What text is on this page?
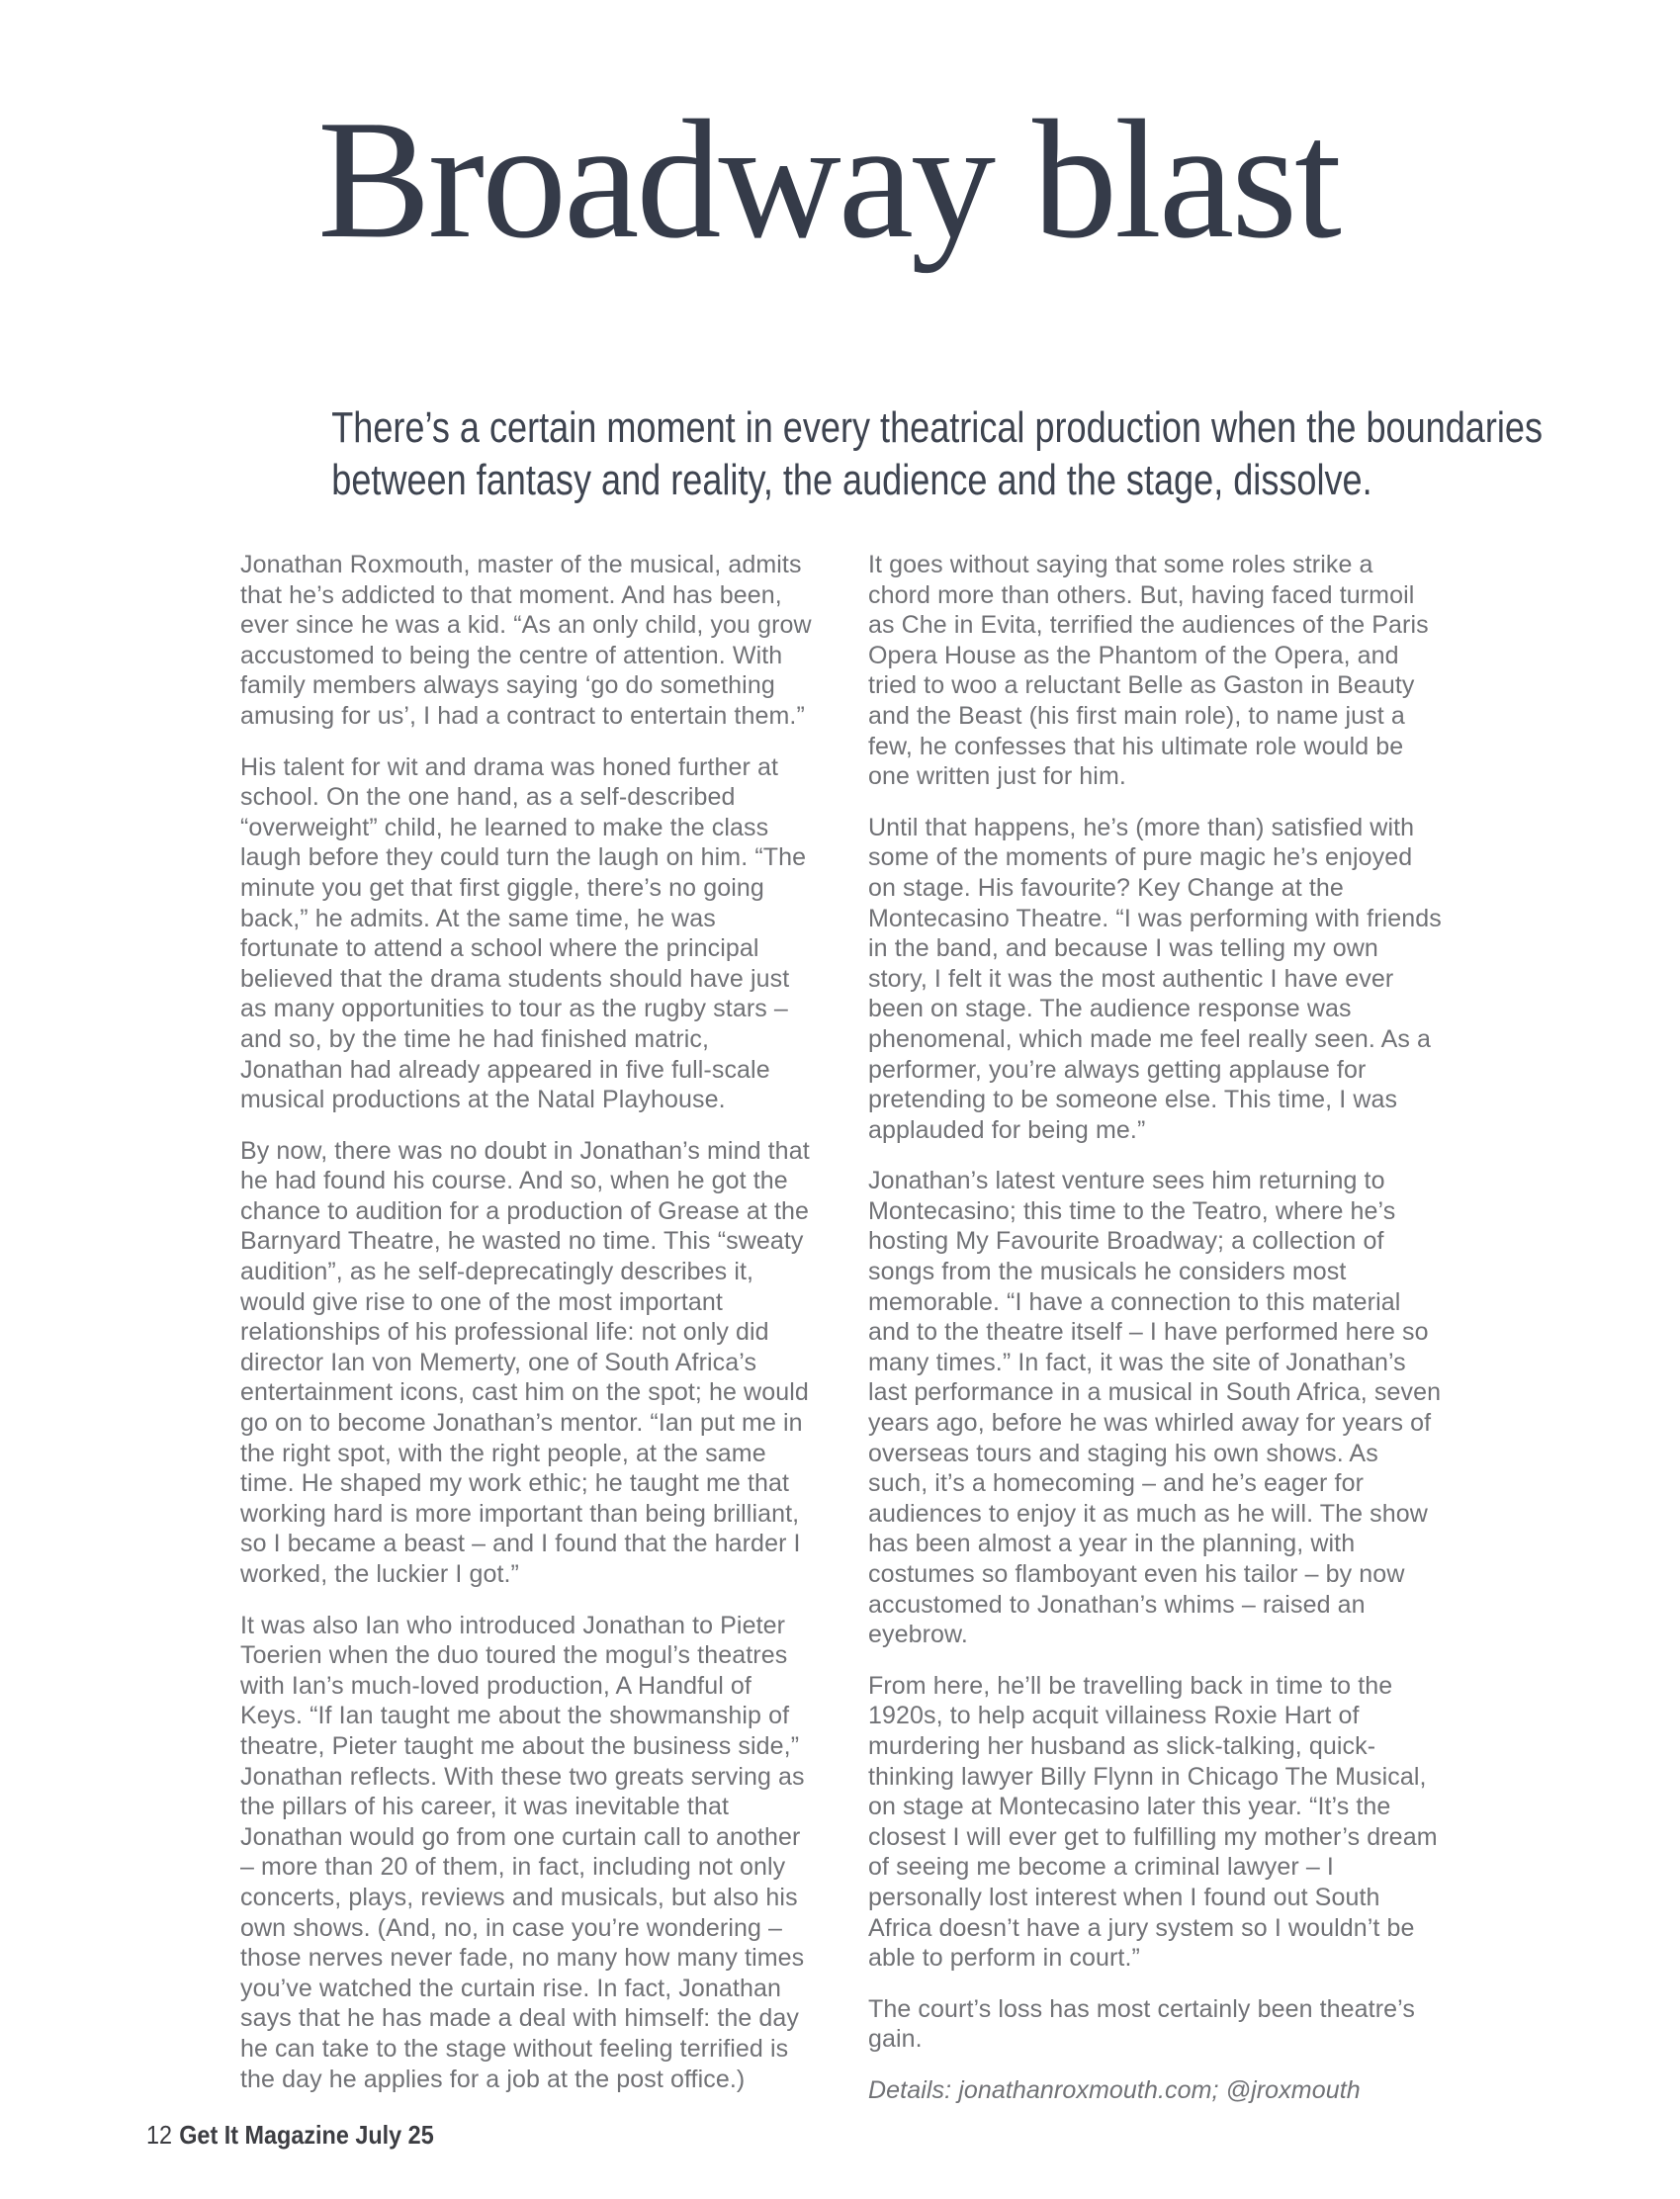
Broadway blast
There’s a certain moment in every theatrical production when the boundaries
between fantasy and reality, the audience and the stage, dissolve.

Jonathan Roxmouth, master of the musical, admits that he’s addicted to that moment. And has been, ever since he was a kid. “As an only child, you grow accustomed to being the centre of attention. With family members always saying ‘go do something amusing for us’, I had a contract to entertain them.”

His talent for wit and drama was honed further at school. On the one hand, as a self-described “overweight” child, he learned to make the class laugh before they could turn the laugh on him. “The minute you get that first giggle, there’s no going back,” he admits. At the same time, he was fortunate to attend a school where the principal believed that the drama students should have just as many opportunities to tour as the rugby stars – and so, by the time he had finished matric, Jonathan had already appeared in five full-scale musical productions at the Natal Playhouse.

By now, there was no doubt in Jonathan’s mind that he had found his course. And so, when he got the chance to audition for a production of Grease at the Barnyard Theatre, he wasted no time. This “sweaty audition”, as he self-deprecatingly describes it, would give rise to one of the most important relationships of his professional life: not only did director Ian von Memerty, one of South Africa’s entertainment icons, cast him on the spot; he would go on to become Jonathan’s mentor. “Ian put me in the right spot, with the right people, at the same time. He shaped my work ethic; he taught me that working hard is more important than being brilliant, so I became a beast – and I found that the harder I worked, the luckier I got.”

It was also Ian who introduced Jonathan to Pieter Toerien when the duo toured the mogul’s theatres with Ian’s much-loved production, A Handful of Keys. “If Ian taught me about the showmanship of theatre, Pieter taught me about the business side,” Jonathan reflects. With these two greats serving as the pillars of his career, it was inevitable that Jonathan would go from one curtain call to another – more than 20 of them, in fact, including not only concerts, plays, reviews and musicals, but also his own shows. (And, no, in case you’re wondering – those nerves never fade, no many how many times you’ve watched the curtain rise. In fact, Jonathan says that he has made a deal with himself: the day he can take to the stage without feeling terrified is the day he applies for a job at the post office.)

It goes without saying that some roles strike a chord more than others. But, having faced turmoil as Che in Evita, terrified the audiences of the Paris Opera House as the Phantom of the Opera, and tried to woo a reluctant Belle as Gaston in Beauty and the Beast (his first main role), to name just a few, he confesses that his ultimate role would be one written just for him.

Until that happens, he’s (more than) satisfied with some of the moments of pure magic he’s enjoyed on stage. His favourite? Key Change at the Montecasino Theatre. “I was performing with friends in the band, and because I was telling my own story, I felt it was the most authentic I have ever been on stage. The audience response was phenomenal, which made me feel really seen. As a performer, you’re always getting applause for pretending to be someone else. This time, I was applauded for being me.”

Jonathan’s latest venture sees him returning to Montecasino; this time to the Teatro, where he’s hosting My Favourite Broadway; a collection of songs from the musicals he considers most memorable. “I have a connection to this material and to the theatre itself – I have performed here so many times.” In fact, it was the site of Jonathan’s last performance in a musical in South Africa, seven years ago, before he was whirled away for years of overseas tours and staging his own shows. As such, it’s a homecoming – and he’s eager for audiences to enjoy it as much as he will. The show has been almost a year in the planning, with costumes so flamboyant even his tailor – by now accustomed to Jonathan’s whims – raised an eyebrow.

From here, he’ll be travelling back in time to the 1920s, to help acquit villainess Roxie Hart of murdering her husband as slick-talking, quick-thinking lawyer Billy Flynn in Chicago The Musical, on stage at Montecasino later this year. “It’s the closest I will ever get to fulfilling my mother’s dream of seeing me become a criminal lawyer – I personally lost interest when I found out South Africa doesn’t have a jury system so I wouldn’t be able to perform in court.”

The court’s loss has most certainly been theatre’s gain.

Details: jonathanroxmouth.com; @jroxmouth

12 Get It Magazine July 25
